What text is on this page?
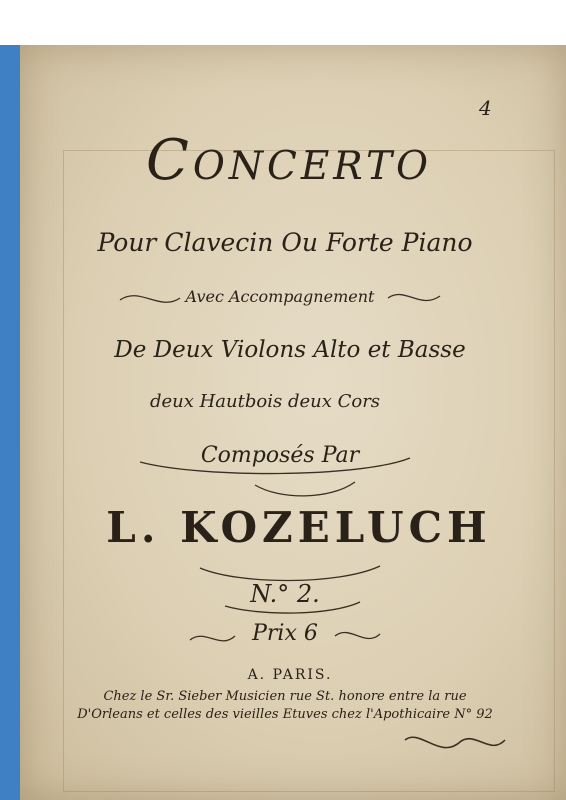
4
Concerto
Pour Clavecin Ou Forte Piano
Avec Accompagnement
De Deux Violons Alto et Basse
deux Hautbois deux Cors
Composés Par
L. KOZELUCH
N.° 2.
Prix 6
A. PARIS.
Chez le Sr. Sieber Musicien rue St. honore entre la rue
D'Orleans et celles des vieilles Etuves chez l'Apothicaire N° 92
